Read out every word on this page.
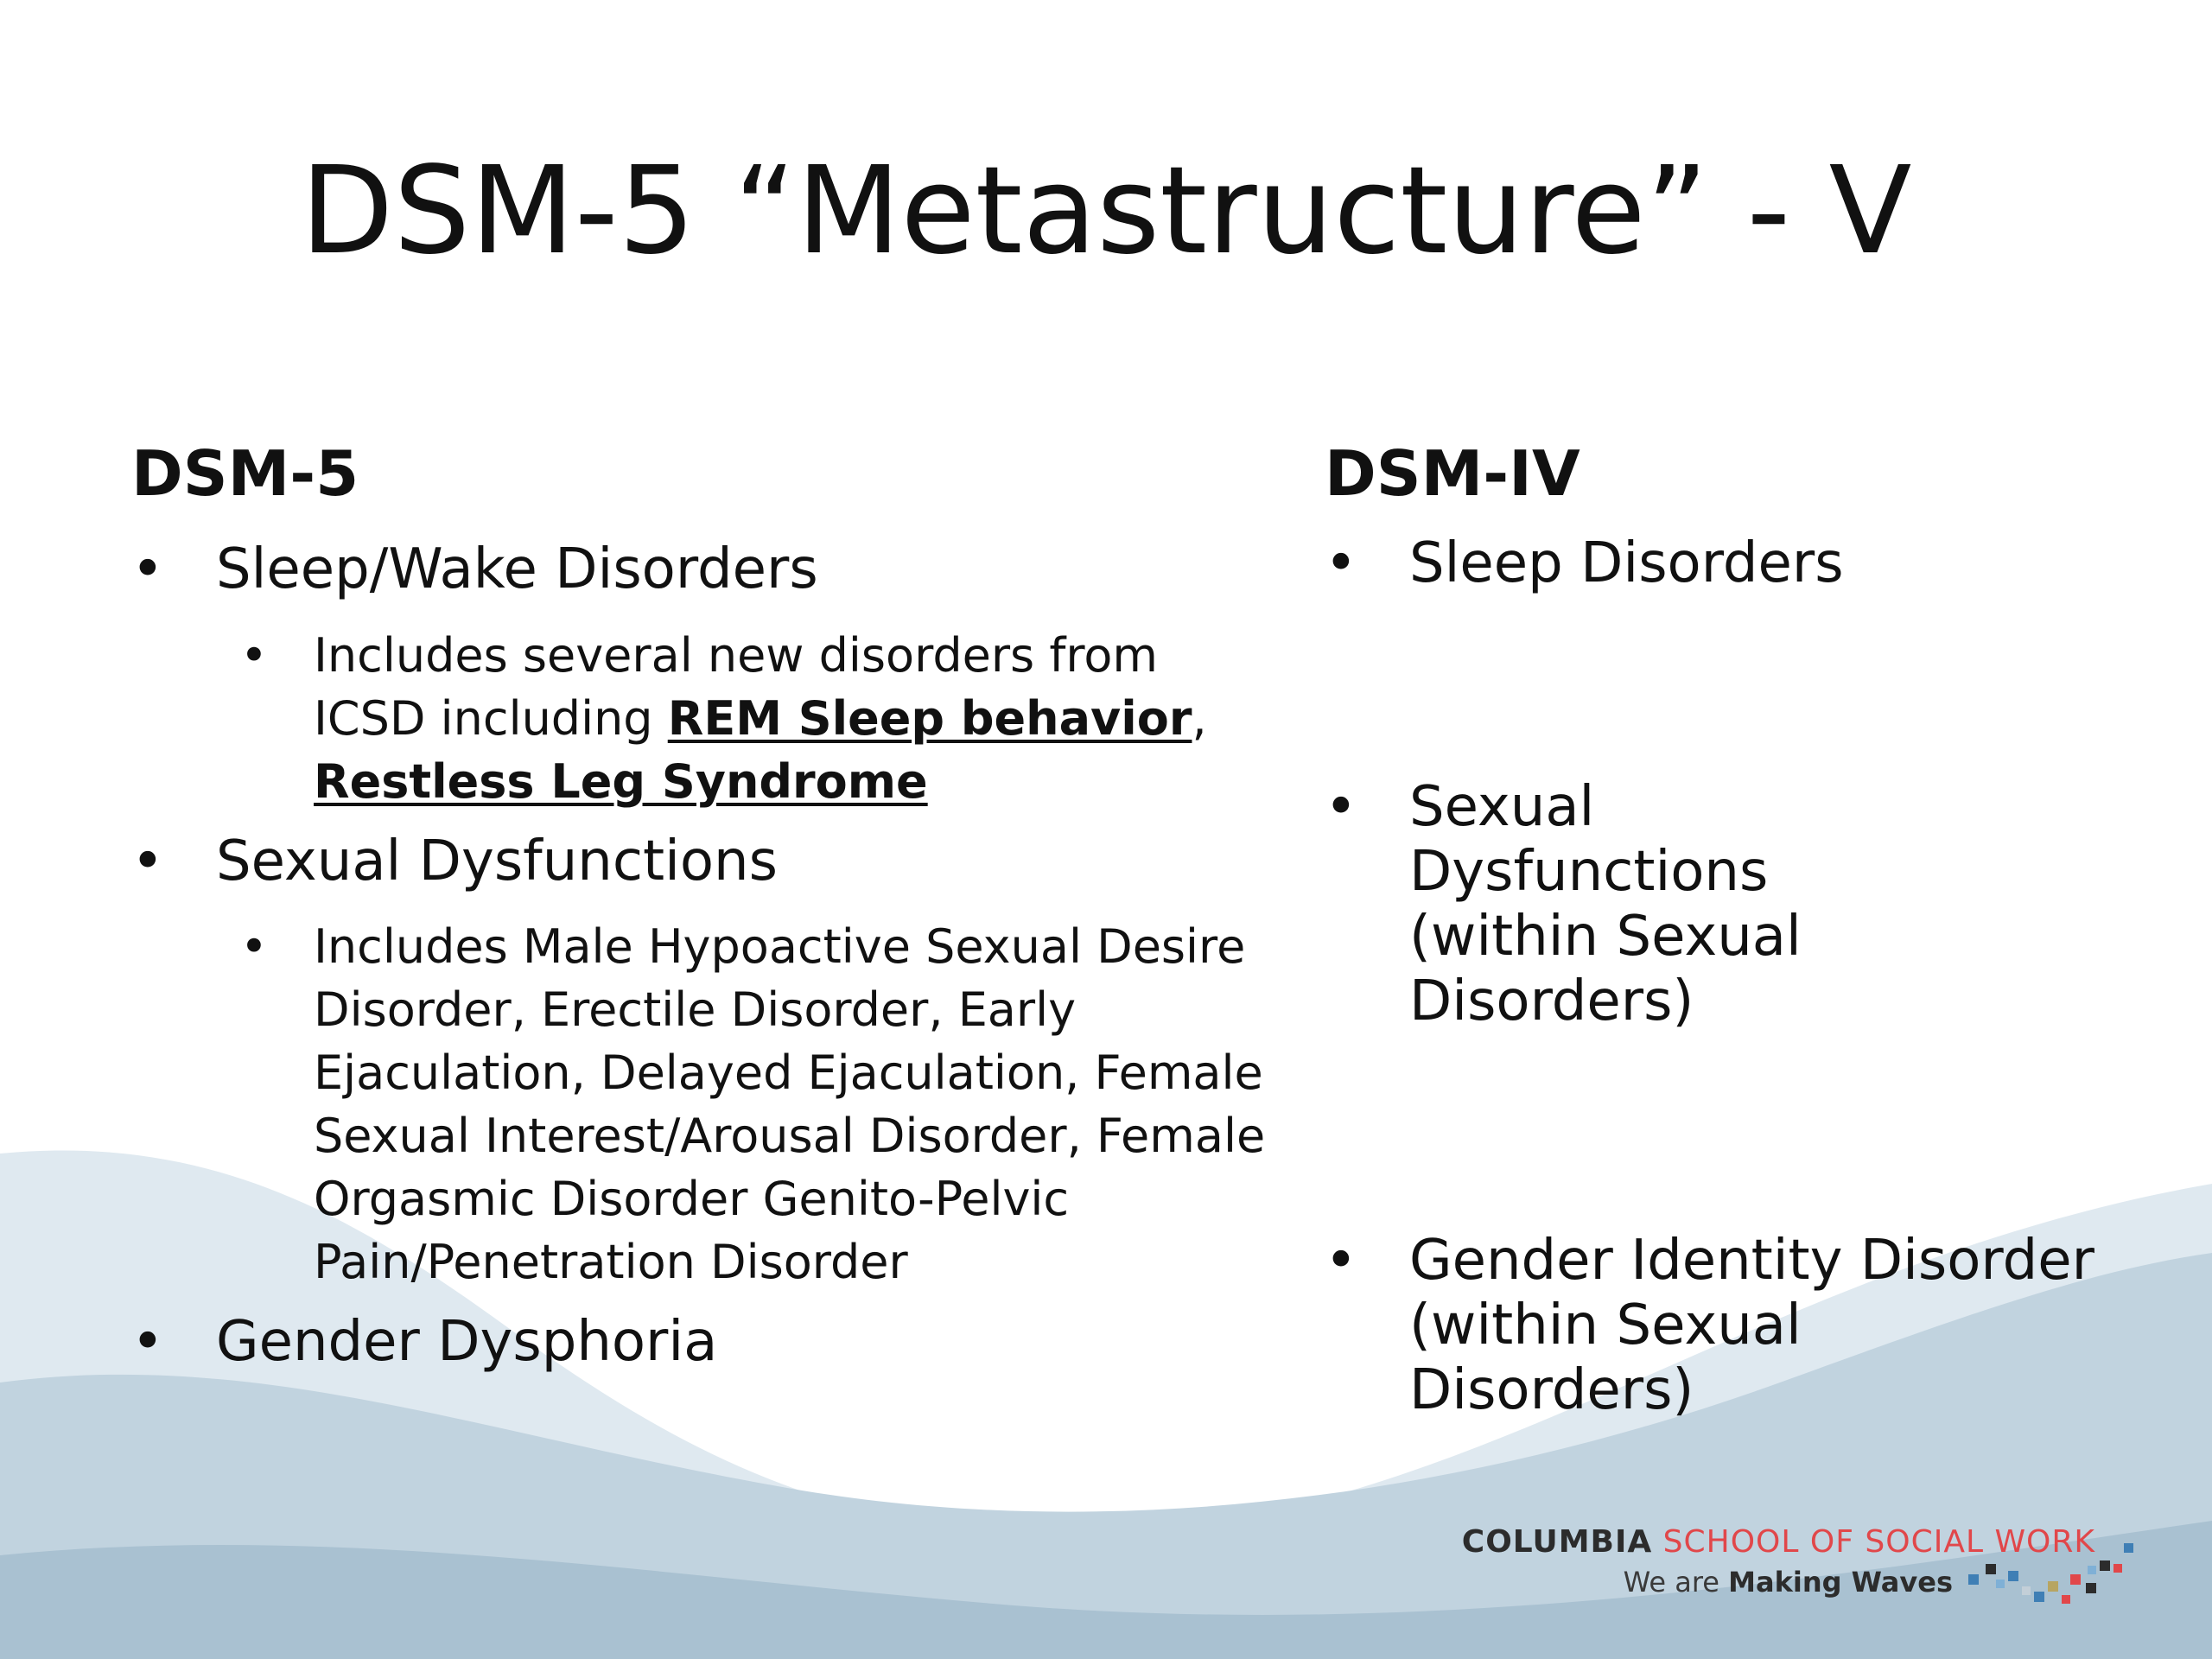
DSM-5 “Metastructure” - V
DSM-5
• Sleep/Wake Disorders
• Includes several new disorders from
ICSD including REM Sleep behavior,
Restless Leg Syndrome
• Sexual Dysfunctions
• Includes Male Hypoactive Sexual Desire Disorder, Erectile Disorder, Early Ejaculation, Delayed Ejaculation, Female Sexual Interest/Arousal Disorder, Female Orgasmic Disorder Genito-Pelvic Pain/Penetration Disorder
• Gender Dysphoria
DSM-IV
• Sleep Disorders
• Sexual Dysfunctions (within Sexual Disorders)
• Gender Identity Disorder (within Sexual Disorders)
COLUMBIA SCHOOL OF SOCIAL WORK
We are Making Waves
